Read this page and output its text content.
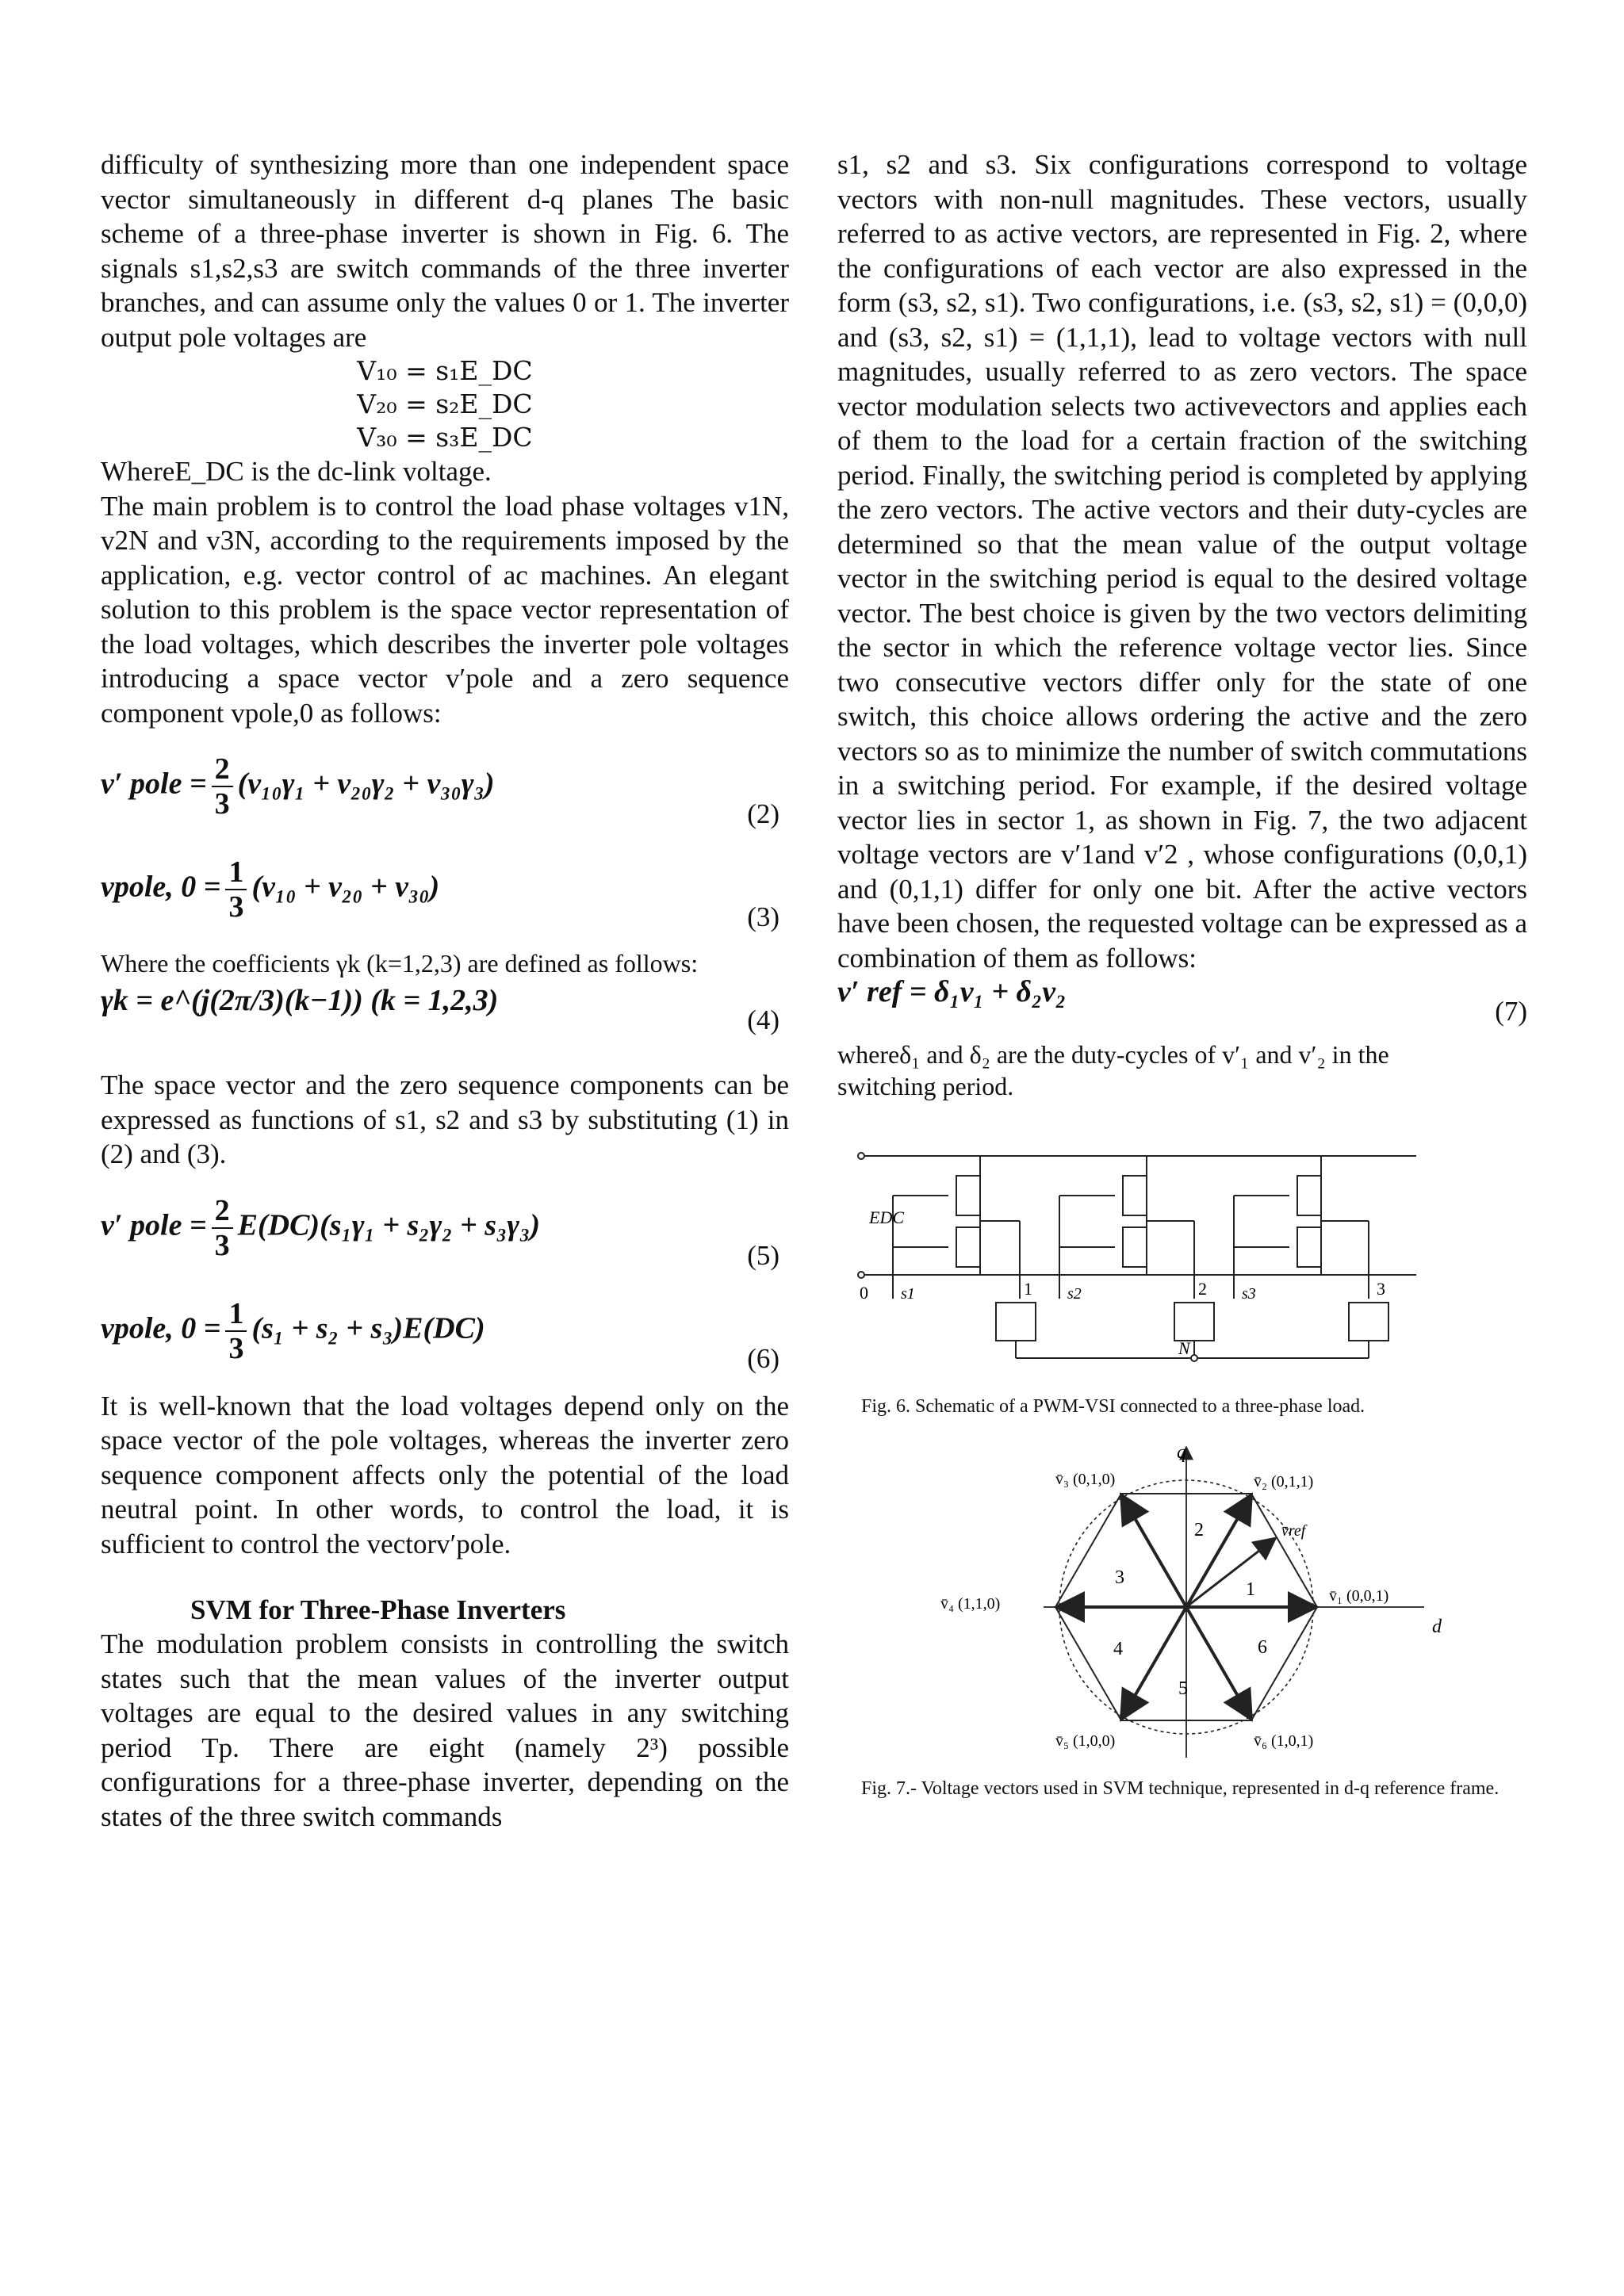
difficulty of synthesizing more than one independent space vector simultaneously in different d-q planes The basic scheme of a three-phase inverter is shown in Fig. 6. The signals s1,s2,s3 are switch commands of the three inverter branches, and can assume only the values 0 or 1. The inverter output pole voltages are

V₁₀ = s₁E_DC

V₂₀ = s₂E_DC

V₃₀ = s₃E_DC

WhereE_DC is the dc-link voltage.

The main problem is to control the load phase voltages v1N, v2N and v3N, according to the requirements imposed by the application, e.g. vector control of ac machines. An elegant solution to this problem is the space vector representation of the load voltages, which describes the inverter pole voltages introducing a space vector v′pole and a zero sequence component vpole,0 as follows:

v′ pole = $\frac{2}{3} (v_{10}\gamma_1 + v_{20}\gamma_2 + v_{30}\gamma_3)$
(2)
vpole, $0 = \frac{1}{3} (v_{10} + v_{20} + v_{30})$
(3)

Where the coefficients γk (k=1,2,3) are defined as follows:

γk = e^(j(2π/3)(k−1)) (k = 1,2,3)
(4)

The space vector and the zero sequence components can be expressed as functions of s1, s2 and s3 by substituting (1) in (2) and (3).

v′ pole = $\frac{2}{3} E(DC)(s_1\gamma_1 + s_2\gamma_2 + s_3\gamma_3)$
(5)
vpole, $0 = \frac{1}{3} (s_1 + s_2 + s_3)E(DC)$
(6)

It is well-known that the load voltages depend only on the space vector of the pole voltages, whereas the inverter zero sequence component affects only the potential of the load neutral point. In other words, to control the load, it is sufficient to control the vectorv′pole.

SVM for Three-Phase Inverters

The modulation problem consists in controlling the switch states such that the mean values of the inverter output voltages are equal to the desired values in any switching period Tp. There are eight (namely 2³) possible configurations for a three-phase inverter, depending on the states of the three switch commands

s1, s2 and s3. Six configurations correspond to voltage vectors with non-null magnitudes. These vectors, usually referred to as active vectors, are represented in Fig. 2, where the configurations of each vector are also expressed in the form (s3, s2, s1). Two configurations, i.e. (s3, s2, s1) = (0,0,0) and (s3, s2, s1) = (1,1,1), lead to voltage vectors with null magnitudes, usually referred to as zero vectors. The space vector modulation selects two activevectors and applies each of them to the load for a certain fraction of the switching period. Finally, the switching period is completed by applying the zero vectors. The active vectors and their duty-cycles are determined so that the mean value of the output voltage vector in the switching period is equal to the desired voltage vector. The best choice is given by the two vectors delimiting the sector in which the reference voltage vector lies. Since two consecutive vectors differ only for the state of one switch, this choice allows ordering the active and the zero vectors so as to minimize the number of switch commutations in a switching period. For example, if the desired voltage vector lies in sector 1, as shown in Fig. 7, the two adjacent voltage vectors are v′1and v′2 , whose configurations (0,0,1) and (0,1,1) differ for only one bit. After the active vectors have been chosen, the requested voltage can be expressed as a combination of them as follows:

v′ ref = δ₁v₁ + δ₂v₂
(7)

whereδ₁ and δ₂ are the duty-cycles of v′₁ and v′₂ in the switching period.

EDC
0 s1	1 s2	2 s3	3
N

Fig. 6. Schematic of a PWM-VSI connected to a three-phase load.

q
d
v̄₁ (0,0,1)
v̄₂ (0,1,1)
v̄₃ (0,1,0)
v̄₄ (1,1,0)
v̄₅ (1,0,0)	v̄₆ (1,0,1)
v̄ref
1
2
3
4
5
6

Fig. 7.- Voltage vectors used in SVM technique, represented in d-q reference frame.
